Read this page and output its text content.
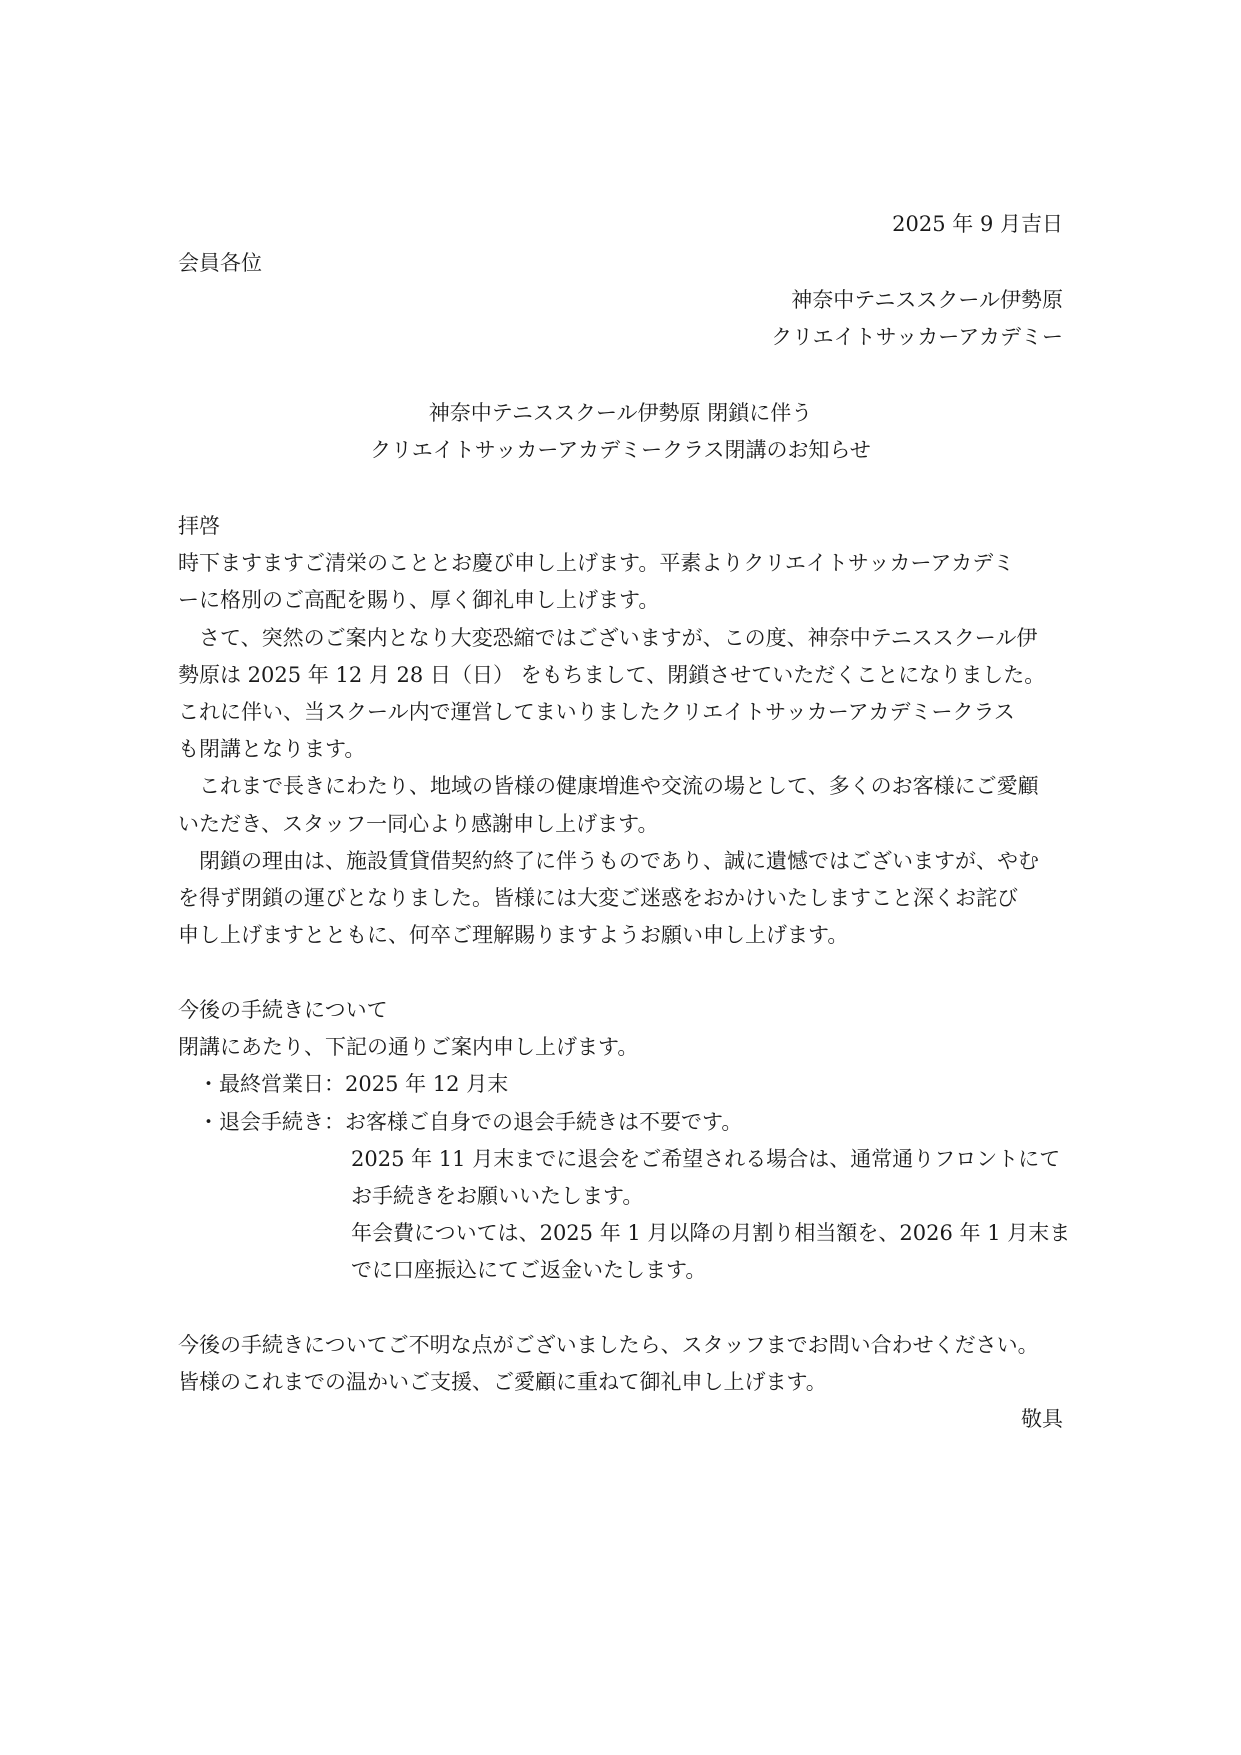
2025 年 9 月吉日
会員各位
神奈中テニススクール伊勢原
クリエイトサッカーアカデミー
神奈中テニススクール伊勢原 閉鎖に伴う
クリエイトサッカーアカデミークラス閉講のお知らせ
拝啓
時下ますますご清栄のこととお慶び申し上げます。平素よりクリエイトサッカーアカデミ
ーに格別のご高配を賜り、厚く御礼申し上げます。
さて、突然のご案内となり大変恐縮ではございますが、この度、神奈中テニススクール伊
勢原は 2025 年 12 月 28 日（日） をもちまして、閉鎖させていただくことになりました。
これに伴い、当スクール内で運営してまいりましたクリエイトサッカーアカデミークラス
も閉講となります。
これまで長きにわたり、地域の皆様の健康増進や交流の場として、多くのお客様にご愛顧
いただき、スタッフ一同心より感謝申し上げます。
閉鎖の理由は、施設賃貸借契約終了に伴うものであり、誠に遺憾ではございますが、やむ
を得ず閉鎖の運びとなりました。皆様には大変ご迷惑をおかけいたしますこと深くお詫び
申し上げますとともに、何卒ご理解賜りますようお願い申し上げます。
今後の手続きについて
閉講にあたり、下記の通りご案内申し上げます。
・最終営業日：2025 年 12 月末
・退会手続き：お客様ご自身での退会手続きは不要です。
2025 年 11 月末までに退会をご希望される場合は、通常通りフロントにて
お手続きをお願いいたします。
年会費については、2025 年 1 月以降の月割り相当額を、2026 年 1 月末ま
でに口座振込にてご返金いたします。
今後の手続きについてご不明な点がございましたら、スタッフまでお問い合わせください。
皆様のこれまでの温かいご支援、ご愛顧に重ねて御礼申し上げます。
敬具
